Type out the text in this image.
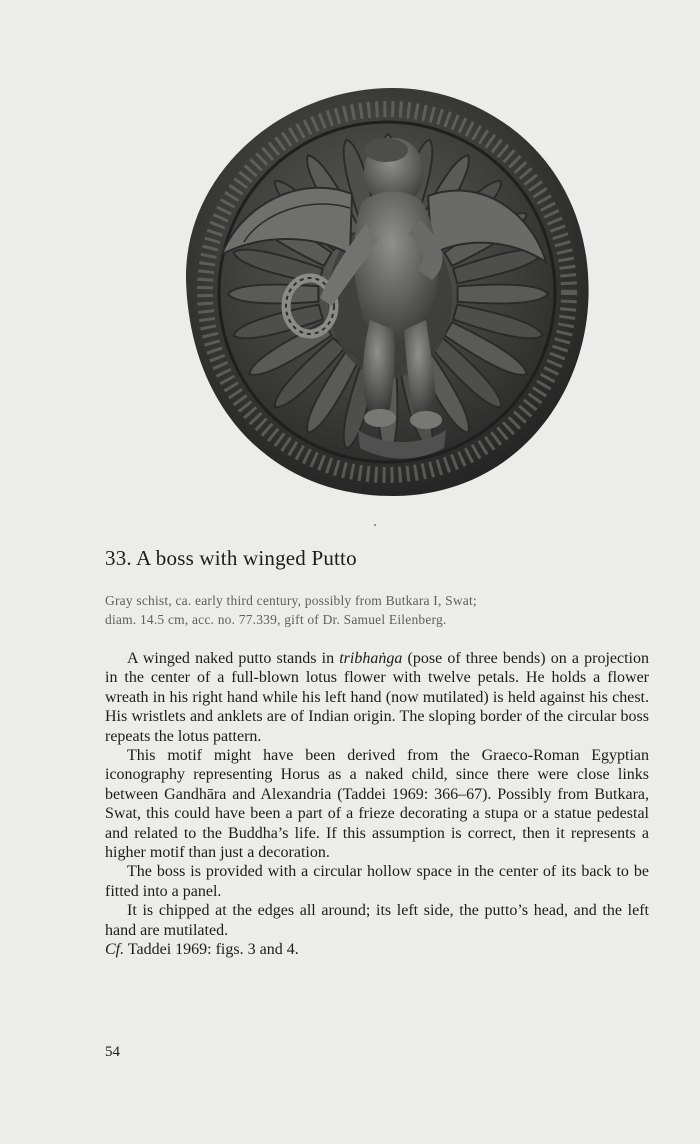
33. A boss with winged Putto

Gray schist, ca. early third century, possibly from Butkara I, Swat;
diam. 14.5 cm, acc. no. 77.339, gift of Dr. Samuel Eilenberg.

A winged naked putto stands in tribhaṅga (pose of three bends) on a projection in the center of a full-blown lotus flower with twelve petals. He holds a flower wreath in his right hand while his left hand (now mutilated) is held against his chest. His wristlets and anklets are of Indian origin. The sloping border of the circular boss repeats the lotus pattern.

This motif might have been derived from the Graeco-Roman Egyptian iconography representing Horus as a naked child, since there were close links between Gandhāra and Alexandria (Taddei 1969: 366–67). Possibly from Butkara, Swat, this could have been a part of a frieze decorating a stupa or a statue pedestal and related to the Buddha’s life. If this assumption is correct, then it represents a higher motif than just a decoration.

The boss is provided with a circular hollow space in the center of its back to be fitted into a panel.

It is chipped at the edges all around; its left side, the putto’s head, and the left hand are mutilated.

Cf. Taddei 1969: figs. 3 and 4.

54
